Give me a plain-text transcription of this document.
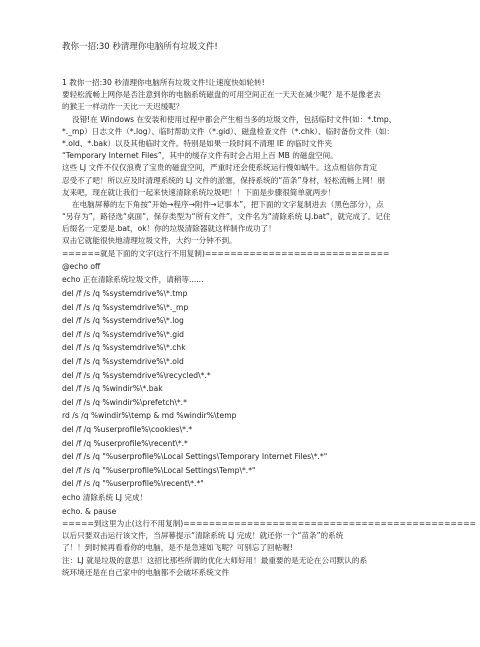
教你一招:30 秒清理你电脑所有垃圾文件!
1 教你一招:30 秒清理你电脑所有垃圾文件!让速度快如轮转!
要轻松流畅上网你是否注意到你的电脑系统磁盘的可用空间正在一天天在减少呢？是不是像老去
的猴王一样动作一天比一天迟缓呢？
没错!在 Windows 在安装和使用过程中都会产生相当多的垃圾文件，包括临时文件(如：*.tmp、
*._mp）日志文件（*.log）、临时帮助文件（*.gid）、磁盘检查文件（*.chk）、临时备份文件（如：
*.old、*.bak）以及其他临时文件。特别是如果一段时间不清理 IE 的临时文件夹
“Temporary Internet Files”，其中的缓存文件有时会占用上百 MB 的磁盘空间。
这些 LJ 文件不仅仅浪费了宝贵的磁盘空间，严重时还会使系统运行慢如蜗牛。这点相信你肯定
忍受不了吧！所以应及时清理系统的 LJ 文件的淤塞，保持系统的“苗条”身材，轻松流畅上网！朋
友来吧，现在就让我们一起来快速清除系统垃圾吧！！下面是步骤很简单就两步！
在电脑屏幕的左下角按“开始→程序→附件→记事本”，把下面的文字复制进去（黑色部分），点
“另存为”，路径选“桌面”，保存类型为“所有文件”，文件名为“清除系统 LJ.bat”，就完成了。记住
后缀名一定要是.bat，ok！你的垃圾清除器就这样制作成功了！
双击它就能很快地清理垃圾文件，大约一分钟不到。
======就是下面的文字(这行不用复制)=============================
@echo off
echo 正在清除系统垃圾文件，请稍等......
del /f /s /q %systemdrive%\*.tmp
del /f /s /q %systemdrive%\*._mp
del /f /s /q %systemdrive%\*.log
del /f /s /q %systemdrive%\*.gid
del /f /s /q %systemdrive%\*.chk
del /f /s /q %systemdrive%\*.old
del /f /s /q %systemdrive%\recycled\*.*
del /f /s /q %windir%\*.bak
del /f /s /q %windir%\prefetch\*.*
rd /s /q %windir%\temp & md %windir%\temp
del /f /q %userprofile%\cookies\*.*
del /f /q %userprofile%\recent\*.*
del /f /s /q "%userprofile%\Local Settings\Temporary Internet Files\*.*"
del /f /s /q "%userprofile%\Local Settings\Temp\*.*"
del /f /s /q "%userprofile%\recent\*.*"
echo 清除系统 LJ 完成！
echo. & pause
=====到这里为止(这行不用复制)==============================================
以后只要双击运行该文件，当屏幕提示“清除系统 LJ 完成！就还你一个“苗条”的系统
了！！到时候再看看你的电脑，是不是急速如飞呢？可别忘了回帖喔!
注：LJ 就是垃圾的意思！这招比那些所谓的优化大师好用！最重要的是无论在公司默认的系
统环境还是在自己家中的电脑都不会破坏系统文件
